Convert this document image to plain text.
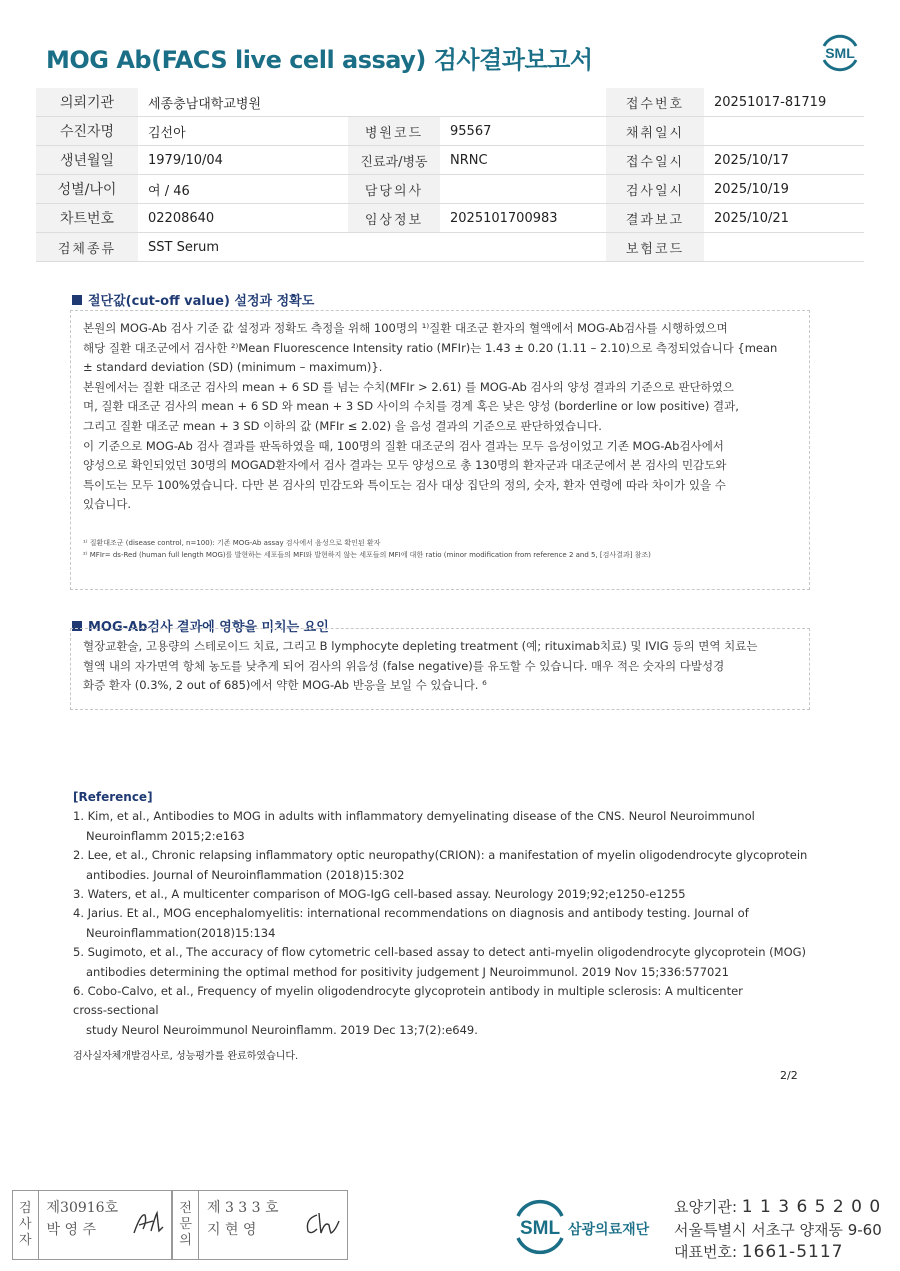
MOG Ab(FACS live cell assay) 검사결과보고서	SML
의뢰기관	세종충남대학교병원			접수번호	20251017-81719
수진자명	김선아	병원코드	95567	채취일시	
생년월일	1979/10/04	진료과/병동	NRNC	접수일시	2025/10/17
성별/나이	여 / 46	담당의사		검사일시	2025/10/19
차트번호	02208640	임상정보	2025101700983	결과보고	2025/10/21
검체종류	SST Serum			보험코드	
절단값(cut-off value) 설정과 정확도

본원의 MOG-Ab 검사 기준 값 설정과 정확도 측정을 위해 100명의 ¹⁾질환 대조군 환자의 혈액에서 MOG-Ab검사를 시행하였으며

해당 질환 대조군에서 검사한 ²⁾Mean Fluorescence Intensity ratio (MFIr)는 1.43 ± 0.20 (1.11 – 2.10)으로 측정되었습니다 {mean

± standard deviation (SD) (minimum – maximum)}.

본원에서는 질환 대조군 검사의 mean + 6 SD 를 넘는 수치(MFIr > 2.61) 를 MOG-Ab 검사의 양성 결과의 기준으로 판단하였으

며, 질환 대조군 검사의 mean + 6 SD 와 mean + 3 SD 사이의 수치를 경계 혹은 낮은 양성 (borderline or low positive) 결과,

그리고 질환 대조군 mean + 3 SD 이하의 값 (MFIr ≤ 2.02) 을 음성 결과의 기준으로 판단하였습니다.

이 기준으로 MOG-Ab 검사 결과를 판독하였을 때, 100명의 질환 대조군의 검사 결과는 모두 음성이었고 기존 MOG-Ab검사에서

양성으로 확인되었던 30명의 MOGAD환자에서 검사 결과는 모두 양성으로 총 130명의 환자군과 대조군에서 본 검사의 민감도와

특이도는 모두 100%였습니다. 다만 본 검사의 민감도와 특이도는 검사 대상 집단의 정의, 숫자, 환자 연령에 따라 차이가 있을 수

있습니다.

¹⁾ 질환대조군 (disease control, n=100): 기존 MOG-Ab assay 검사에서 음성으로 확인된 환자

²⁾ MFIr= ds-Red (human full length MOG)를 발현하는 세포들의 MFI와 발현하지 않는 세포들의 MFI에 대한 ratio (minor modification from reference 2 and 5, [검사결과] 참조)

MOG-Ab검사 결과에 영향을 미치는 요인

혈장교환술, 고용량의 스테로이드 치료, 그리고 B lymphocyte depleting treatment (예; rituximab치료) 및 IVIG 등의 면역 치료는

혈액 내의 자가면역 항체 농도를 낮추게 되어 검사의 위음성 (false negative)를 유도할 수 있습니다. 매우 적은 숫자의 다발성경

화증 환자 (0.3%, 2 out of 685)에서 약한 MOG-Ab 반응을 보일 수 있습니다. ⁶

[Reference]
1. Kim, et al., Antibodies to MOG in adults with inflammatory demyelinating disease of the CNS. Neurol Neuroimmunol
Neuroinflamm 2015;2:e163
2. Lee, et al., Chronic relapsing inflammatory optic neuropathy(CRION): a manifestation of myelin oligodendrocyte glycoprotein
antibodies. Journal of Neuroinflammation (2018)15:302
3. Waters, et al., A multicenter comparison of MOG-IgG cell-based assay. Neurology 2019;92;e1250-e1255
4. Jarius. Et al., MOG encephalomyelitis: international recommendations on diagnosis and antibody testing. Journal of
Neuroinflammation(2018)15:134
5. Sugimoto, et al., The accuracy of flow cytometric cell-based assay to detect anti-myelin oligodendrocyte glycoprotein (MOG)
antibodies determining the optimal method for positivity judgement J Neuroimmunol. 2019 Nov 15;336:577021
6. Cobo-Calvo, et al., Frequency of myelin oligodendrocyte glycoprotein antibody in multiple sclerosis: A multicenter
cross-sectional
study Neurol Neuroimmunol Neuroinflamm. 2019 Dec 13;7(2):e649.
검사실자체개발검사로, 성능평가를 완료하였습니다.
2/2
검
사
자
제30916호
박 영 주
전
문
의
제 3 3 3 호
지 현 영	SML 삼광의료재단
요양기관: 1 1 3 6 5 2 0 0
서울특별시 서초구 양재동 9-60
대표번호: 1661-5117
